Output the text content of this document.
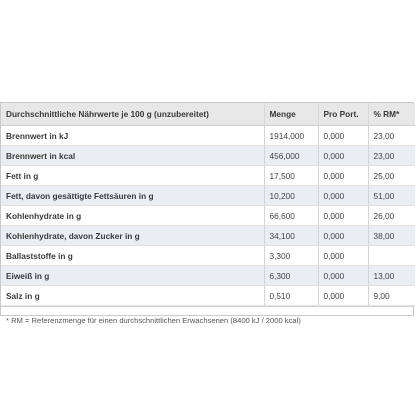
Durchschnittliche Nährwerte je 100 g (unzubereitet)	Menge	Pro Port.	% RM*
Brennwert in kJ	1914,000	0,000	23,00
Brennwert in kcal	456,000	0,000	23,00
Fett in g	17,500	0,000	25,00
Fett, davon gesättigte Fettsäuren in g	10,200	0,000	51,00
Kohlenhydrate in g	66,600	0,000	26,00
Kohlenhydrate, davon Zucker in g	34,100	0,000	38,00
Ballaststoffe in g	3,300	0,000	
Eiweiß in g	6,300	0,000	13,00
Salz in g	0,510	0,000	9,00
* RM = Referenzmenge für einen durchschnittlichen Erwachsenen (8400 kJ / 2000 kcal)
